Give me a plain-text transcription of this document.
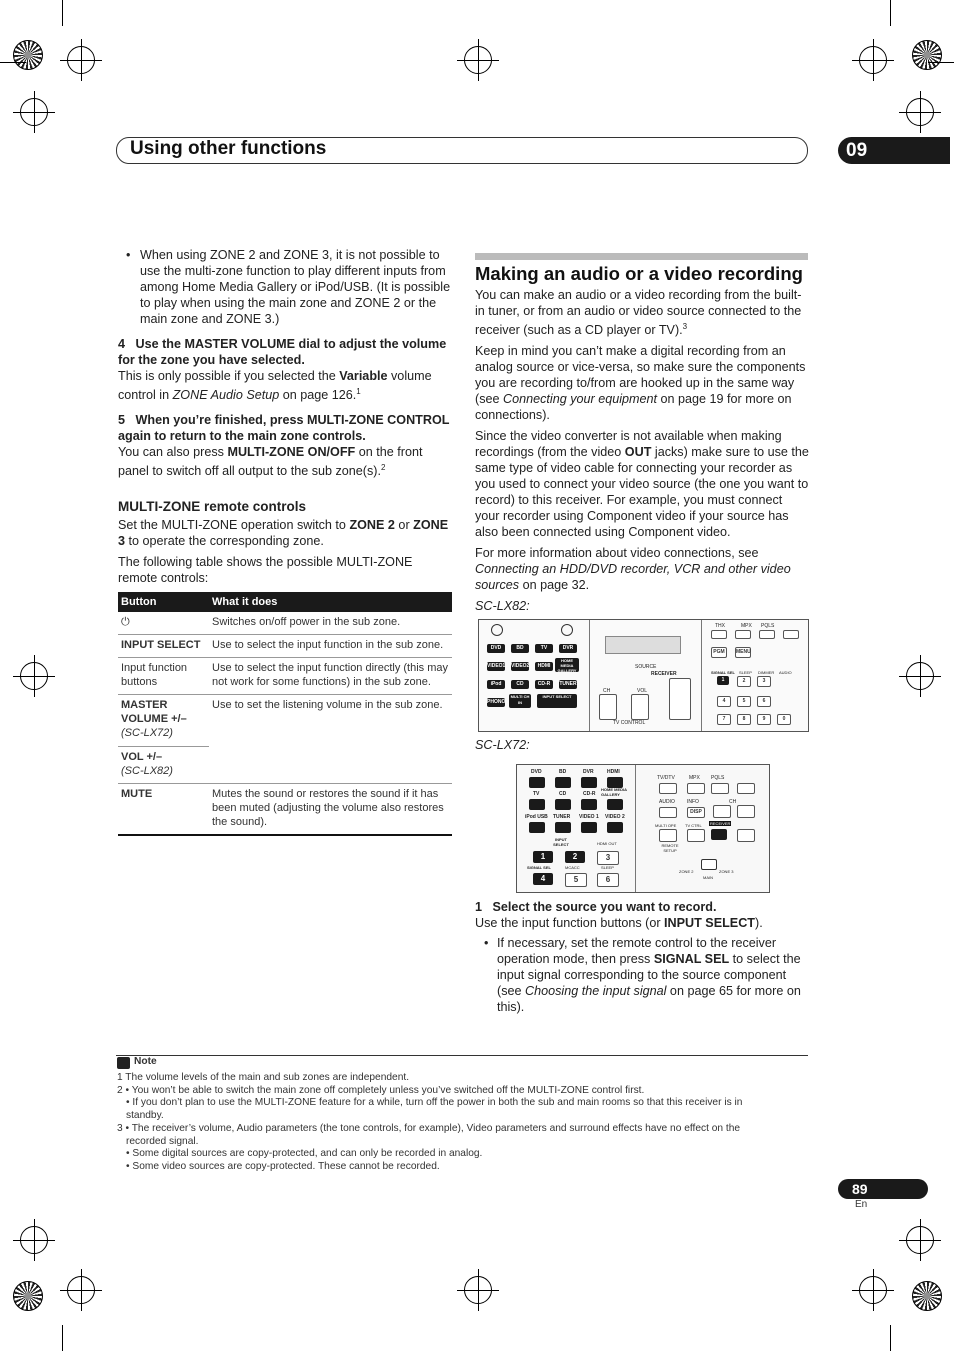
Using other functions	09
• When using ZONE 2 and ZONE 3, it is not possible to use the multi-zone function to play different inputs from among Home Media Gallery or iPod/USB. (It is possible to play when using the main zone and ZONE 2 or the main zone and ZONE 3.)

4 Use the MASTER VOLUME dial to adjust the volume for the zone you have selected.

This is only possible if you selected the Variable volume control in ZONE Audio Setup on page 126.$^1$

5 When you’re finished, press MULTI-ZONE CONTROL again to return to the main zone controls.

You can also press MULTI-ZONE ON/OFF on the front panel to switch off all output to the sub zone(s).$^2$

MULTI-ZONE remote controls

Set the MULTI-ZONE operation switch to ZONE 2 or ZONE 3 to operate the corresponding zone.

The following table shows the possible MULTI-ZONE remote controls:

Button	What it does
⏻	Switches on/off power in the sub zone.
INPUT SELECT	Use to select the input function in the sub zone.
Input function buttons	Use to select the input function directly (this may not work for some functions) in the sub zone.

MASTER VOLUME +/–
(SC-LX72)	Use to set the listening volume in the sub zone.

VOL +/–
(SC-LX82)	

MUTE	Mutes the sound or restores the sound if it has been muted (adjusting the volume also restores the sound).
Making an audio or a video recording

You can make an audio or a video recording from the built-in tuner, or from an audio or video source connected to the receiver (such as a CD player or TV).$^3$

Keep in mind you can’t make a digital recording from an analog source or vice-versa, so make sure the components you are recording to/from are hooked up in the same way (see Connecting your equipment on page 19 for more on connections).

Since the video converter is not available when making recordings (from the video OUT jacks) make sure to use the same type of video cable for connecting your recorder as you used to connect your video source (the one you want to record) to this receiver. For example, you must connect your recorder using Component video if your source has also been connected using Component video.

For more information about video connections, see Connecting an HDD/DVD recorder, VCR and other video sources on page 32.

SC-LX82:

DVD	BD	TV	DVR
VIDEO1 VIDEO2	HDMI
HOME MEDIA GALLERY
iPod	CD	CD-R	TUNER
PHONO
MULTI CH IN
INPUT SELECT
SOURCE
RECEIVER
CH	VOL
TV CONTROL
THX	MPX PQLS
PGM	MENU
SIGNAL SEL SLEEP DIMMER AUDIO
1	2	3
4	5	6
7	8	9	0

SC-LX72:

DVD	BD	DVR	HDMI
TV	CD	CD-R
HOME MEDIA GALLERY
iPod USB TUNER VIDEO 1 VIDEO 2
INPUT SELECT	HDMI OUT
1	2	3
SIGNAL SEL	MCACC	SLEEP
4	5	6
TV/DTV	MPX PQLS
AUDIO INFO	CH
DISP
MULTI OPE TV CTRL RECEIVER
REMOTE SETUP
ZONE 2	ZONE 3
MAIN
1 Select the source you want to record.

Use the input function buttons (or INPUT SELECT).

• If necessary, set the remote control to the receiver operation mode, then press SIGNAL SEL to select the input signal corresponding to the source component (see Choosing the input signal on page 65 for more on this).

Note
1 The volume levels of the main and sub zones are independent.
2 • You won’t be able to switch the main zone off completely unless you’ve switched off the MULTI-ZONE control first.
• If you don’t plan to use the MULTI-ZONE feature for a while, turn off the power in both the sub and main rooms so that this receiver is in
standby.
3 • The receiver’s volume, Audio parameters (the tone controls, for example), Video parameters and surround effects have no effect on the
recorded signal.
• Some digital sources are copy-protected, and can only be recorded in analog.
• Some video sources are copy-protected. These cannot be recorded.
89
En
